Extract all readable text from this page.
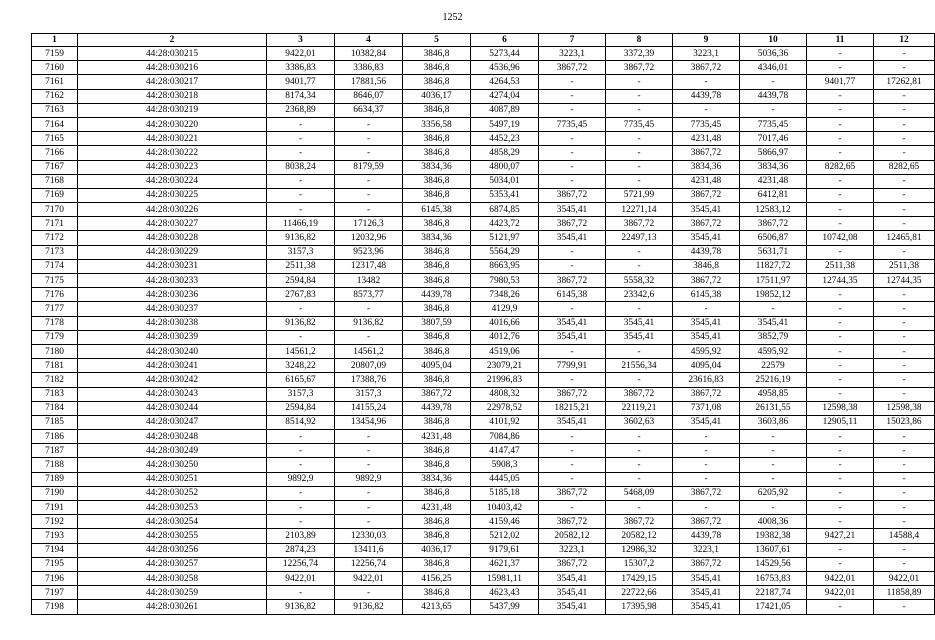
1252
1	2	3	4	5	6	7	8	9	10	11	12
7159	44:28:030215	9422,01	10382,84	3846,8	5273,44	3223,1	3372,39	3223,1	5036,36	-	-
7160	44:28:030216	3386,83	3386,83	3846,8	4536,96	3867,72	3867,72	3867,72	4346,01	-	-
7161	44:28:030217	9401,77	17881,56	3846,8	4264,53	-	-	-	-	9401,77	17262,81
7162	44:28:030218	8174,34	8646,07	4036,17	4274,04	-	-	4439,78	4439,78	-	-
7163	44:28:030219	2368,89	6634,37	3846,8	4087,89	-	-	-	-	-	-
7164	44:28:030220	-	-	3356,58	5497,19	7735,45	7735,45	7735,45	7735,45	-	-
7165	44:28:030221	-	-	3846,8	4452,23	-	-	4231,48	7017,46	-	-
7166	44:28:030222	-	-	3846,8	4858,29	-	-	3867,72	5866,97	-	-
7167	44:28:030223	8038,24	8179,59	3834,36	4800,07	-	-	3834,36	3834,36	8282,65	8282,65
7168	44:28:030224	-	-	3846,8	5034,01	-	-	4231,48	4231,48	-	-
7169	44:28:030225	-	-	3846,8	5353,41	3867,72	5721,99	3867,72	6412,81	-	-
7170	44:28:030226	-	-	6145,38	6874,85	3545,41	12271,14	3545,41	12583,12	-	-
7171	44:28:030227	11466,19	17126,3	3846,8	4423,72	3867,72	3867,72	3867,72	3867,72	-	-
7172	44:28:030228	9136,82	12032,96	3834,36	5121,97	3545,41	22497,13	3545,41	6506,87	10742,08	12465,81
7173	44:28:030229	3157,3	9523,96	3846,8	5564,29	-	-	4439,78	5631,71	-	-
7174	44:28:030231	2511,38	12317,48	3846,8	8663,95	-	-	3846,8	11827,72	2511,38	2511,38
7175	44:28:030233	2594,84	13482	3846,8	7980,53	3867,72	5558,32	3867,72	17511,97	12744,35	12744,35
7176	44:28:030236	2767,83	8573,77	4439,78	7348,26	6145,38	23342,6	6145,38	19852,12	-	-
7177	44:28:030237	-	-	3846,8	4129,9	-	-	-	-	-	-
7178	44:28:030238	9136,82	9136,82	3807,59	4016,66	3545,41	3545,41	3545,41	3545,41	-	-
7179	44:28:030239	-	-	3846,8	4012,76	3545,41	3545,41	3545,41	3852,79	-	-
7180	44:28:030240	14561,2	14561,2	3846,8	4519,06	-	-	4595,92	4595,92	-	-
7181	44:28:030241	3248,22	20807,09	4095,04	23079,21	7799,91	21556,34	4095,04	22579	-	-
7182	44:28:030242	6165,67	17388,76	3846,8	21996,83	-	-	23616,83	25216,19	-	-
7183	44:28:030243	3157,3	3157,3	3867,72	4808,32	3867,72	3867,72	3867,72	4958,85	-	-
7184	44:28:030244	2594,84	14155,24	4439,78	22978,52	18215,21	22119,21	7371,08	26131,55	12598,38	12598,38
7185	44:28:030247	8514,92	13454,96	3846,8	4101,92	3545,41	3602,63	3545,41	3603,86	12905,11	15023,86
7186	44:28:030248	-	-	4231,48	7084,86	-	-	-	-	-	-
7187	44:28:030249	-	-	3846,8	4147,47	-	-	-	-	-	-
7188	44:28:030250	-	-	3846,8	5908,3	-	-	-	-	-	-
7189	44:28:030251	9892,9	9892,9	3834,36	4445,05	-	-	-	-	-	-
7190	44:28:030252	-	-	3846,8	5185,18	3867,72	5468,09	3867,72	6205,92	-	-
7191	44:28:030253	-	-	4231,48	10403,42	-	-	-	-	-	-
7192	44:28:030254	-	-	3846,8	4159,46	3867,72	3867,72	3867,72	4008,36	-	-
7193	44:28:030255	2103,89	12330,03	3846,8	5212,02	20582,12	20582,12	4439,78	19382,38	9427,21	14588,4
7194	44:28:030256	2874,23	13411,6	4036,17	9179,61	3223,1	12986,32	3223,1	13607,61	-	-
7195	44:28:030257	12256,74	12256,74	3846,8	4621,37	3867,72	15307,2	3867,72	14529,56	-	-
7196	44:28:030258	9422,01	9422,01	4156,25	15981,11	3545,41	17429,15	3545,41	16753,83	9422,01	9422,01
7197	44:28:030259	-	-	3846,8	4623,43	3545,41	22722,66	3545,41	22187,74	9422,01	11858,89
7198	44:28:030261	9136,82	9136,82	4213,65	5437,99	3545,41	17395,98	3545,41	17421,05	-	-
